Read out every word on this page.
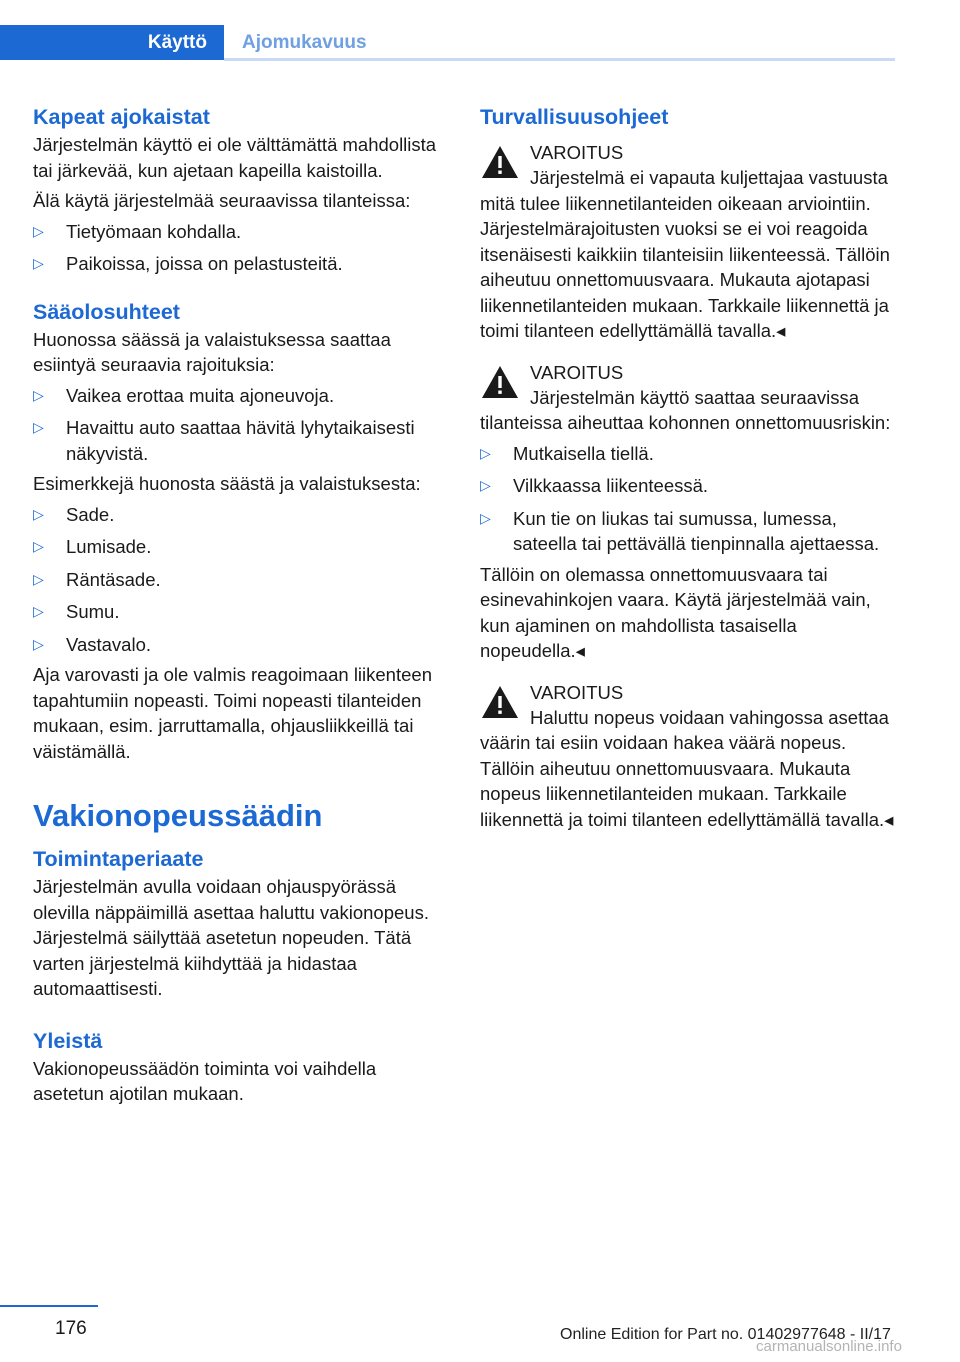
Käyttö Ajomukavuus
Kapeat ajokaistat

Järjestelmän käyttö ei ole välttämättä mahdollista tai järkevää, kun ajetaan kapeilla kaistoilla.

Älä käytä järjestelmää seuraavissa tilanteissa:

▷ Tietyömaan kohdalla.
▷ Paikoissa, joissa on pelastusteitä.
Sääolosuhteet

Huonossa säässä ja valaistuksessa saattaa esiintyä seuraavia rajoituksia:

▷ Vaikea erottaa muita ajoneuvoja.
▷ Havaittu auto saattaa hävitä lyhytaikaisesti näkyvistä.

Esimerkkejä huonosta säästä ja valaistuksesta:

▷ Sade.
▷ Lumisade.
▷ Räntäsade.
▷ Sumu.
▷ Vastavalo.

Aja varovasti ja ole valmis reagoimaan liikenteen tapahtumiin nopeasti. Toimi nopeasti tilanteiden mukaan, esim. jarruttamalla, ohjausliikkeillä tai väistämällä.

Vakionopeussäädin
Toimintaperiaate

Järjestelmän avulla voidaan ohjauspyörässä olevilla näppäimillä asettaa haluttu vakionopeus. Järjestelmä säilyttää asetetun nopeuden. Tätä varten järjestelmä kiihdyttää ja hidastaa automaattisesti.

Yleistä

Vakionopeussäädön toiminta voi vaihdella asetetun ajotilan mukaan.

Turvallisuusohjeet
VAROITUS

Järjestelmä ei vapauta kuljettajaa vastuusta mitä tulee liikennetilanteiden oikeaan arviointiin. Järjestelmärajoitusten vuoksi se ei voi reagoida itsenäisesti kaikkiin tilanteisiin liikenteessä. Tällöin aiheutuu onnettomuusvaara. Mukauta ajotapasi liikennetilanteiden mukaan. Tarkkaile liikennettä ja toimi tilanteen edellyttämällä tavalla.◂

VAROITUS

Järjestelmän käyttö saattaa seuraavissa tilanteissa aiheuttaa kohonnen onnettomuusriskin:

▷ Mutkaisella tiellä.
▷ Vilkkaassa liikenteessä.
▷ Kun tie on liukas tai sumussa, lumessa, sateella tai pettävällä tienpinnalla ajettaessa.

Tällöin on olemassa onnettomuusvaara tai esinevahinkojen vaara. Käytä järjestelmää vain, kun ajaminen on mahdollista tasaisella nopeudella.◂

VAROITUS

Haluttu nopeus voidaan vahingossa asettaa väärin tai esiin voidaan hakea väärä nopeus. Tällöin aiheutuu onnettomuusvaara. Mukauta nopeus liikennetilanteiden mukaan. Tarkkaile liikennettä ja toimi tilanteen edellyttämällä tavalla.◂

176	Online Edition for Part no. 01402977648 - II/17
carmanualsonline.info
